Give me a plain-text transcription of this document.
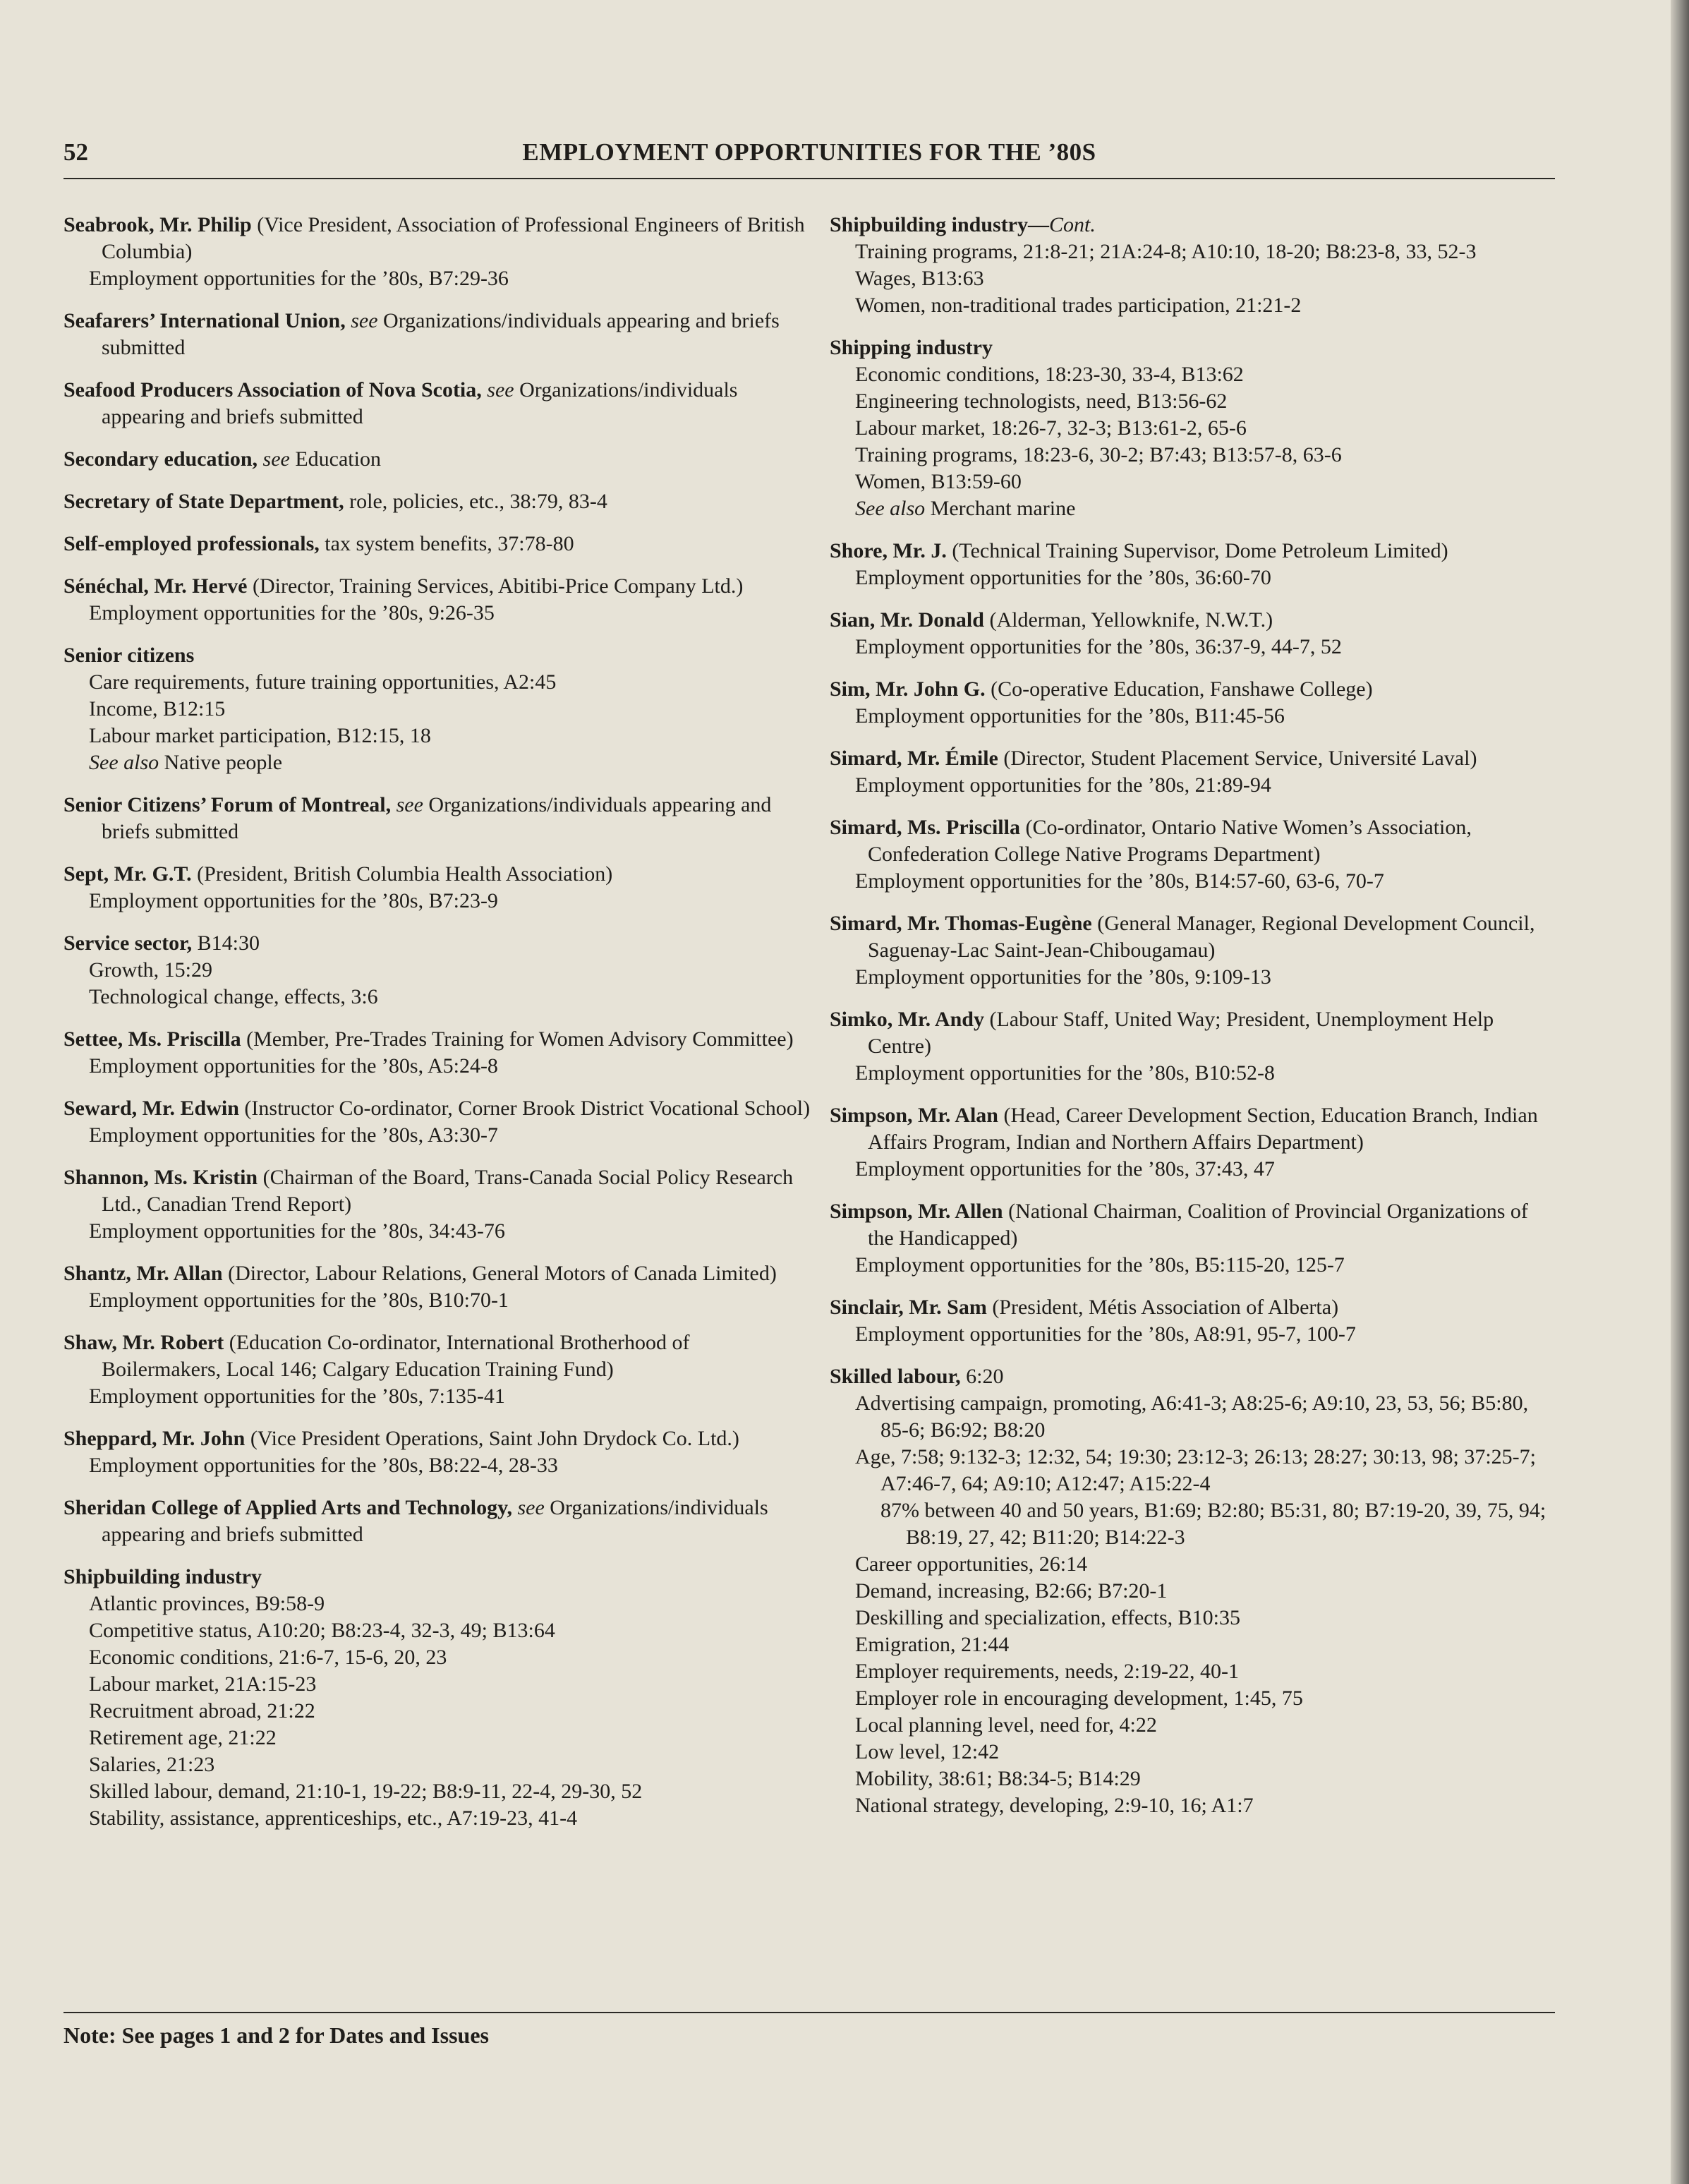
52	EMPLOYMENT OPPORTUNITIES FOR THE ’80S
Seabrook, Mr. Philip (Vice President, Association of Professional Engineers of British Columbia)
Employment opportunities for the ’80s, B7:29-36
Seafarers’ International Union, see Organizations/individuals appearing and briefs submitted
Seafood Producers Association of Nova Scotia, see Organizations/individuals appearing and briefs submitted
Secondary education, see Education
Secretary of State Department, role, policies, etc., 38:79, 83-4
Self-employed professionals, tax system benefits, 37:78-80
Sénéchal, Mr. Hervé (Director, Training Services, Abitibi-Price Company Ltd.)
Employment opportunities for the ’80s, 9:26-35
Senior citizens
Care requirements, future training opportunities, A2:45
Income, B12:15
Labour market participation, B12:15, 18
See also Native people
Senior Citizens’ Forum of Montreal, see Organizations/individuals appearing and briefs submitted
Sept, Mr. G.T. (President, British Columbia Health Association)
Employment opportunities for the ’80s, B7:23-9
Service sector, B14:30
Growth, 15:29
Technological change, effects, 3:6
Settee, Ms. Priscilla (Member, Pre-Trades Training for Women Advisory Committee)
Employment opportunities for the ’80s, A5:24-8
Seward, Mr. Edwin (Instructor Co-ordinator, Corner Brook District Vocational School)
Employment opportunities for the ’80s, A3:30-7
Shannon, Ms. Kristin (Chairman of the Board, Trans-Canada Social Policy Research Ltd., Canadian Trend Report)
Employment opportunities for the ’80s, 34:43-76
Shantz, Mr. Allan (Director, Labour Relations, General Motors of Canada Limited)
Employment opportunities for the ’80s, B10:70-1
Shaw, Mr. Robert (Education Co-ordinator, International Brotherhood of Boilermakers, Local 146; Calgary Education Training Fund)
Employment opportunities for the ’80s, 7:135-41
Sheppard, Mr. John (Vice President Operations, Saint John Drydock Co. Ltd.)
Employment opportunities for the ’80s, B8:22-4, 28-33
Sheridan College of Applied Arts and Technology, see Organizations/individuals appearing and briefs submitted
Shipbuilding industry
Atlantic provinces, B9:58-9
Competitive status, A10:20; B8:23-4, 32-3, 49; B13:64
Economic conditions, 21:6-7, 15-6, 20, 23
Labour market, 21A:15-23
Recruitment abroad, 21:22
Retirement age, 21:22
Salaries, 21:23
Skilled labour, demand, 21:10-1, 19-22; B8:9-11, 22-4, 29-30, 52
Stability, assistance, apprenticeships, etc., A7:19-23, 41-4
Shipbuilding industry—Cont.
Training programs, 21:8-21; 21A:24-8; A10:10, 18-20; B8:23-8, 33, 52-3
Wages, B13:63
Women, non-traditional trades participation, 21:21-2
Shipping industry
Economic conditions, 18:23-30, 33-4, B13:62
Engineering technologists, need, B13:56-62
Labour market, 18:26-7, 32-3; B13:61-2, 65-6
Training programs, 18:23-6, 30-2; B7:43; B13:57-8, 63-6
Women, B13:59-60
See also Merchant marine
Shore, Mr. J. (Technical Training Supervisor, Dome Petroleum Limited)
Employment opportunities for the ’80s, 36:60-70
Sian, Mr. Donald (Alderman, Yellowknife, N.W.T.)
Employment opportunities for the ’80s, 36:37-9, 44-7, 52
Sim, Mr. John G. (Co-operative Education, Fanshawe College)
Employment opportunities for the ’80s, B11:45-56
Simard, Mr. Émile (Director, Student Placement Service, Université Laval)
Employment opportunities for the ’80s, 21:89-94
Simard, Ms. Priscilla (Co-ordinator, Ontario Native Women’s Association, Confederation College Native Programs Department)
Employment opportunities for the ’80s, B14:57-60, 63-6, 70-7
Simard, Mr. Thomas-Eugène (General Manager, Regional Development Council, Saguenay-Lac Saint-Jean-Chibougamau)
Employment opportunities for the ’80s, 9:109-13
Simko, Mr. Andy (Labour Staff, United Way; President, Unemployment Help Centre)
Employment opportunities for the ’80s, B10:52-8
Simpson, Mr. Alan (Head, Career Development Section, Education Branch, Indian Affairs Program, Indian and Northern Affairs Department)
Employment opportunities for the ’80s, 37:43, 47
Simpson, Mr. Allen (National Chairman, Coalition of Provincial Organizations of the Handicapped)
Employment opportunities for the ’80s, B5:115-20, 125-7
Sinclair, Mr. Sam (President, Métis Association of Alberta)
Employment opportunities for the ’80s, A8:91, 95-7, 100-7
Skilled labour, 6:20
Advertising campaign, promoting, A6:41-3; A8:25-6; A9:10, 23, 53, 56; B5:80, 85-6; B6:92; B8:20
Age, 7:58; 9:132-3; 12:32, 54; 19:30; 23:12-3; 26:13; 28:27; 30:13, 98; 37:25-7; A7:46-7, 64; A9:10; A12:47; A15:22-4
87% between 40 and 50 years, B1:69; B2:80; B5:31, 80; B7:19-20, 39, 75, 94; B8:19, 27, 42; B11:20; B14:22-3
Career opportunities, 26:14
Demand, increasing, B2:66; B7:20-1
Deskilling and specialization, effects, B10:35
Emigration, 21:44
Employer requirements, needs, 2:19-22, 40-1
Employer role in encouraging development, 1:45, 75
Local planning level, need for, 4:22
Low level, 12:42
Mobility, 38:61; B8:34-5; B14:29
National strategy, developing, 2:9-10, 16; A1:7
Note: See pages 1 and 2 for Dates and Issues
